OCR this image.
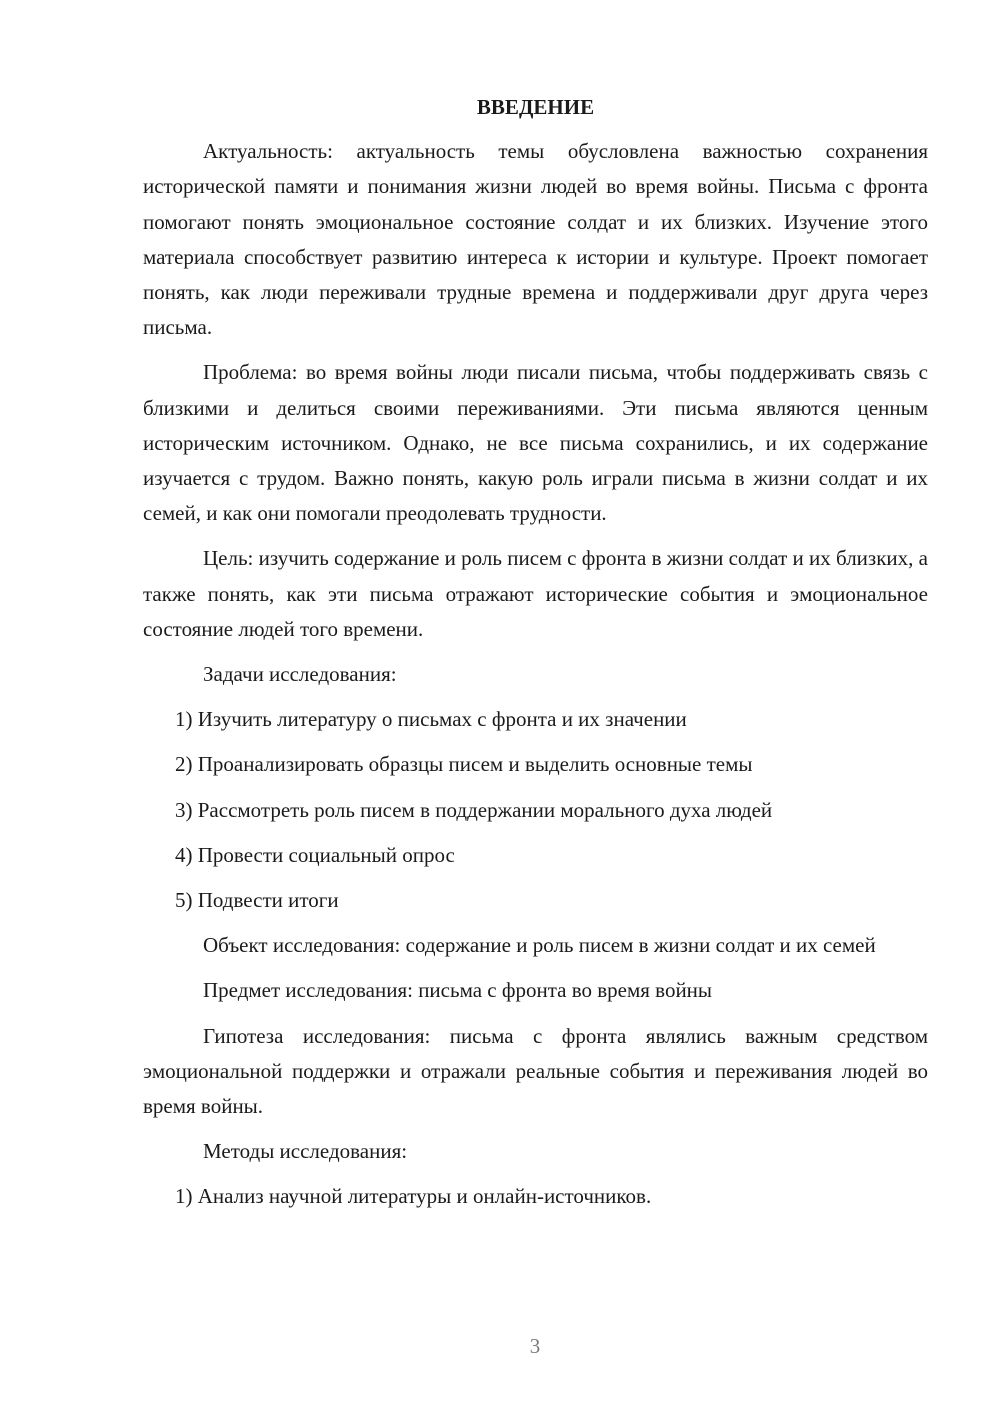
ВВЕДЕНИЕ

Актуальность: актуальность темы обусловлена важностью сохранения исторической памяти и понимания жизни людей во время войны. Письма с фронта помогают понять эмоциональное состояние солдат и их близких. Изучение этого материала способствует развитию интереса к истории и культуре. Проект помогает понять, как люди переживали трудные времена и поддерживали друг друга через письма.

Проблема: во время войны люди писали письма, чтобы поддерживать связь с близкими и делиться своими переживаниями. Эти письма являются ценным историческим источником. Однако, не все письма сохранились, и их содержание изучается с трудом. Важно понять, какую роль играли письма в жизни солдат и их семей, и как они помогали преодолевать трудности.

Цель: изучить содержание и роль писем с фронта в жизни солдат и их близких, а также понять, как эти письма отражают исторические события и эмоциональное состояние людей того времени.

Задачи исследования:

1) Изучить литературу о письмах с фронта и их значении
2) Проанализировать образцы писем и выделить основные темы
3) Рассмотреть роль писем в поддержании морального духа людей
4) Провести социальный опрос
5) Подвести итоги

Объект исследования: содержание и роль писем в жизни солдат и их семей

Предмет исследования: письма с фронта во время войны

Гипотеза исследования: письма с фронта являлись важным средством эмоциональной поддержки и отражали реальные события и переживания людей во время войны.

Методы исследования:

1) Анализ научной литературы и онлайн-источников.
3
